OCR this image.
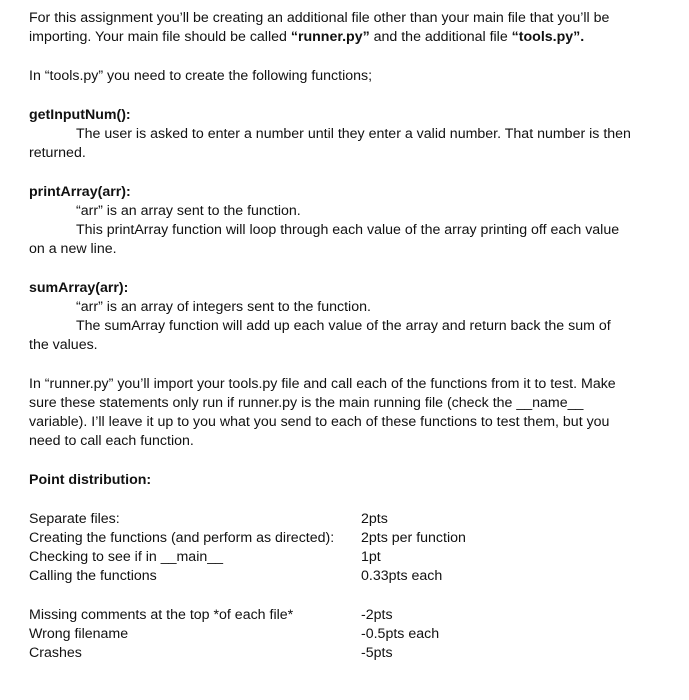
For this assignment you’ll be creating an additional file other than your main file that you’ll be
importing. Your main file should be called “runner.py” and the additional file “tools.py”.
In “tools.py” you need to create the following functions;
getInputNum():
The user is asked to enter a number until they enter a valid number. That number is then
returned.
printArray(arr):
“arr” is an array sent to the function.
This printArray function will loop through each value of the array printing off each value
on a new line.
sumArray(arr):
“arr” is an array of integers sent to the function.
The sumArray function will add up each value of the array and return back the sum of
the values.
In “runner.py” you’ll import your tools.py file and call each of the functions from it to test. Make
sure these statements only run if runner.py is the main running file (check the __name__
variable). I’ll leave it up to you what you send to each of these functions to test them, but you
need to call each function.
Point distribution:
Separate files:	2pts
Creating the functions (and perform as directed): 2pts per function
Checking to see if in __main__	1pt
Calling the functions	0.33pts each
Missing comments at the top *of each file*	-2pts
Wrong filename	-0.5pts each
Crashes	-5pts
